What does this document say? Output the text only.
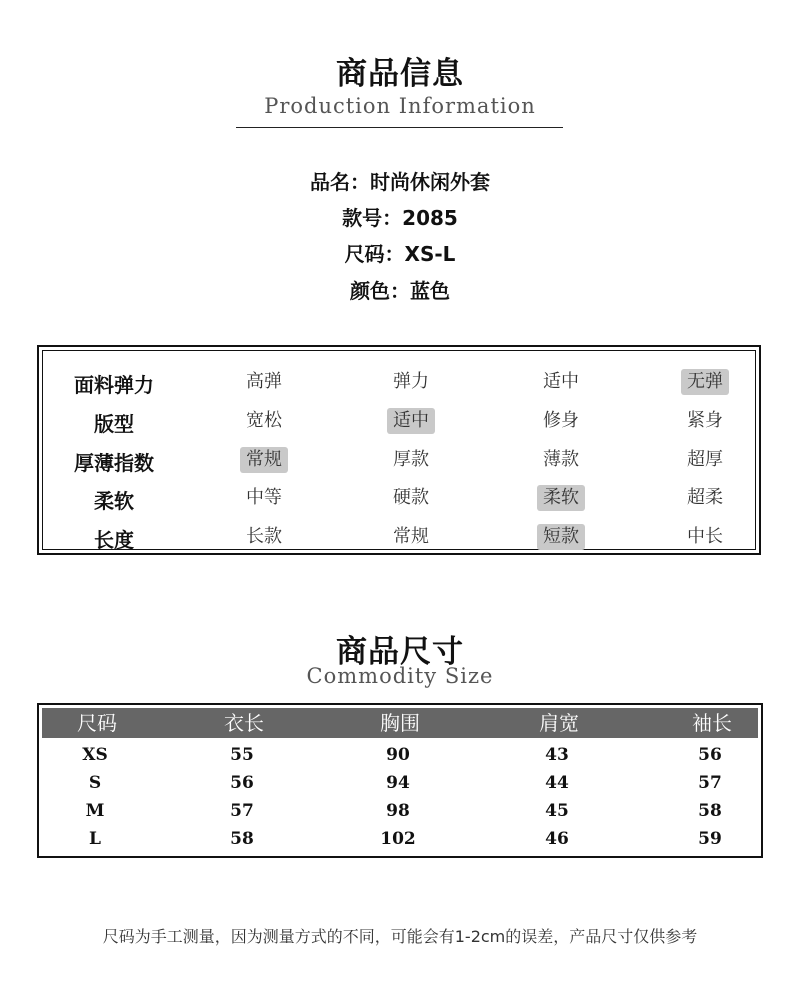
商品信息
Production Information
品名：时尚休闲外套
款号：2085
尺码：XS-L
颜色：蓝色
面料弹力	高弹	弹力	适中	无弹
版型	宽松	适中	修身	紧身
厚薄指数	常规	厚款	薄款	超厚
柔软	中等	硬款	柔软	超柔
长度	长款	常规	短款	中长
商品尺寸
Commodity Size
尺码	衣长	胸围	肩宽	袖长
XS	55	90	43	56
S	56	94	44	57
M	57	98	45	58
L	58	102	46	59
尺码为手工测量，因为测量方式的不同，可能会有1-2cm的误差，产品尺寸仅供参考
